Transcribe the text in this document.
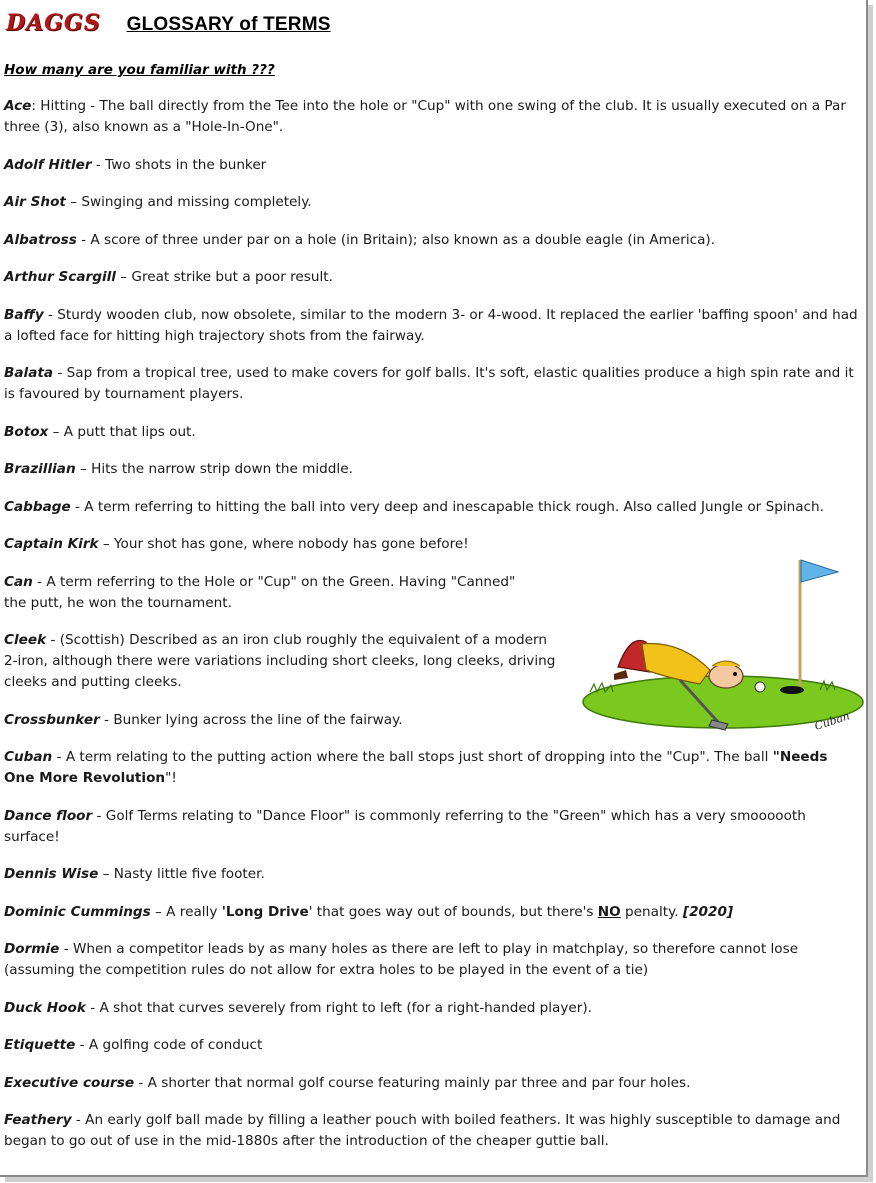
DAGGS GLOSSARY of TERMS
How many are you familiar with ???
Ace: Hitting - The ball directly from the Tee into the hole or "Cup" with one swing of the club. It is usually executed on a Par three (3), also known as a "Hole-In-One".
Adolf Hitler - Two shots in the bunker
Air Shot – Swinging and missing completely.
Albatross - A score of three under par on a hole (in Britain); also known as a double eagle (in America).
Arthur Scargill – Great strike but a poor result.
Baffy - Sturdy wooden club, now obsolete, similar to the modern 3- or 4-wood. It replaced the earlier 'baffing spoon' and had a lofted face for hitting high trajectory shots from the fairway.
Balata - Sap from a tropical tree, used to make covers for golf balls. It's soft, elastic qualities produce a high spin rate and it is favoured by tournament players.
Botox – A putt that lips out.
Brazillian – Hits the narrow strip down the middle.
Cabbage - A term referring to hitting the ball into very deep and inescapable thick rough. Also called Jungle or Spinach.
Captain Kirk – Your shot has gone, where nobody has gone before!
Can - A term referring to the Hole or "Cup" on the Green. Having "Canned" the putt, he won the tournament.
Cleek - (Scottish) Described as an iron club roughly the equivalent of a modern 2-iron, although there were variations including short cleeks, long cleeks, driving cleeks and putting cleeks.
Crossbunker - Bunker lying across the line of the fairway.
Cuban - A term relating to the putting action where the ball stops just short of dropping into the "Cup". The ball "Needs One More Revolution"!
Dance floor - Golf Terms relating to "Dance Floor" is commonly referring to the "Green" which has a very smoooooth surface!
Dennis Wise – Nasty little five footer.
Dominic Cummings – A really 'Long Drive' that goes way out of bounds, but there's NO penalty. [2020]
Dormie - When a competitor leads by as many holes as there are left to play in matchplay, so therefore cannot lose (assuming the competition rules do not allow for extra holes to be played in the event of a tie)
Duck Hook - A shot that curves severely from right to left (for a right-handed player).
Etiquette - A golfing code of conduct
Executive course - A shorter that normal golf course featuring mainly par three and par four holes.
Feathery - An early golf ball made by filling a leather pouch with boiled feathers. It was highly susceptible to damage and began to go out of use in the mid-1880s after the introduction of the cheaper guttie ball.
Cuban
